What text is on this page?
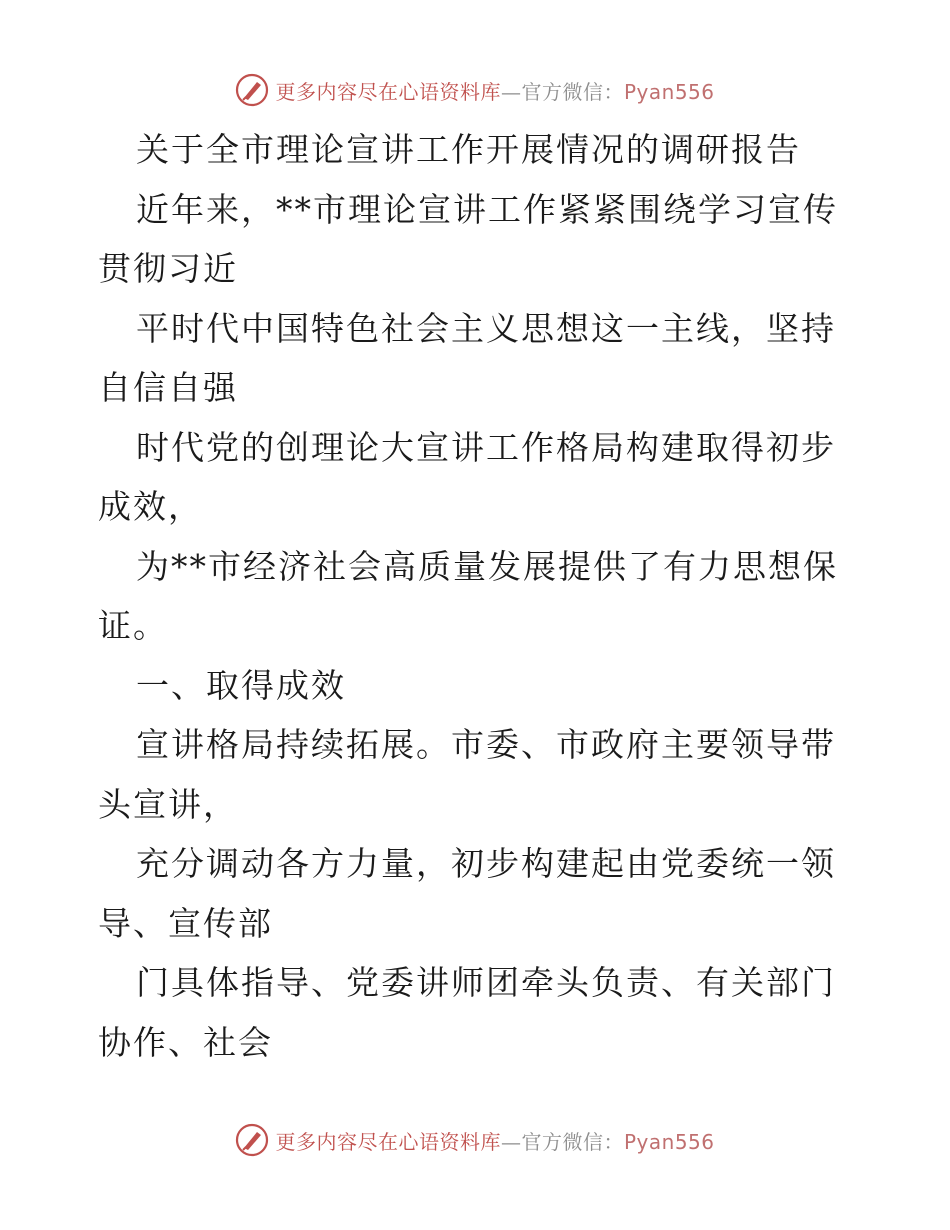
更多内容尽在心语资料库—官方微信：Pyan556

关于全市理论宣讲工作开展情况的调研报告

近年来，**市理论宣讲工作紧紧围绕学习宣传贯彻习近

平时代中国特色社会主义思想这一主线，坚持自信自强

时代党的创理论大宣讲工作格局构建取得初步成效，

为**市经济社会高质量发展提供了有力思想保证。

一、取得成效

宣讲格局持续拓展。市委、市政府主要领导带头宣讲，

充分调动各方力量，初步构建起由党委统一领导、宣传部

门具体指导、党委讲师团牵头负责、有关部门协作、社会

更多内容尽在心语资料库—官方微信：Pyan556
